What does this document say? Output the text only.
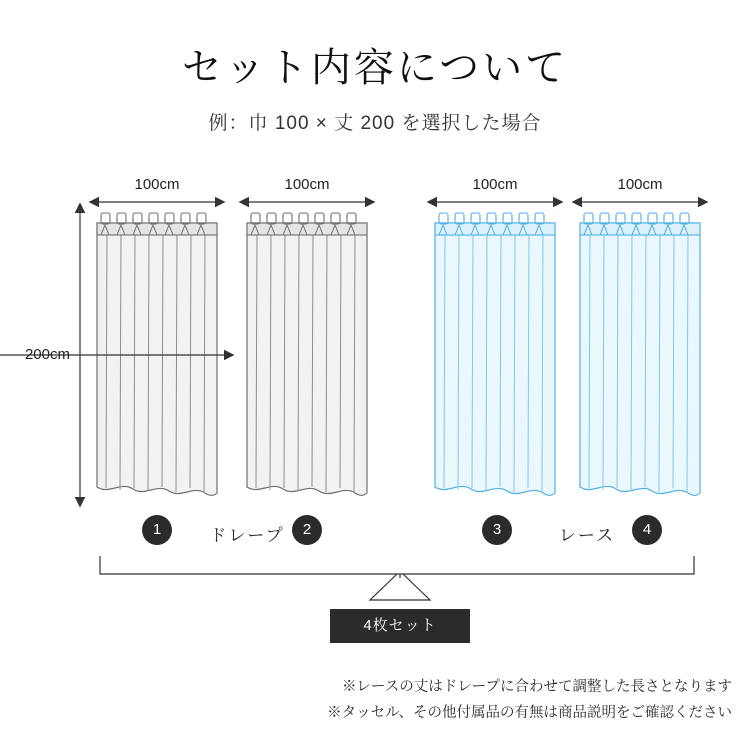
セット内容について
例：巾 100 × 丈 200 を選択した場合
100cm	100cm	100cm	100cm
200cm
1	ドレープ	2	3	レース	4
4枚セット
※レースの丈はドレープに合わせて調整した長さとなります
※タッセル、その他付属品の有無は商品説明をご確認ください
